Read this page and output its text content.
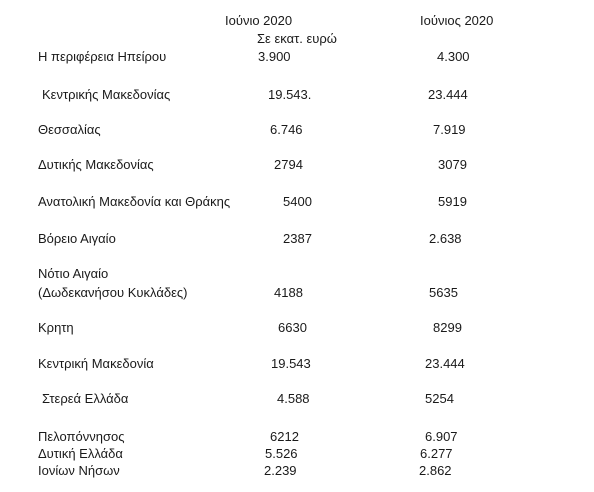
Ιούνιο 2020	Ιούνιος 2020
Σε εκατ. ευρώ
Η περιφέρεια Ηπείρου	3.900	4.300
Κεντρικής Μακεδονίας	19.543.	23.444
Θεσσαλίας	6.746	7.919
Δυτικής Μακεδονίας	2794	3079
Ανατολική Μακεδονία και Θράκης	5400	5919
Βόρειο Αιγαίο	2387	2.638
Νότιο Αιγαίο
(Δωδεκανήσου Κυκλάδες)	4188	5635
Κρητη	6630	8299
Κεντρική Μακεδονία	19.543	23.444
Στερεά Ελλάδα	4.588	5254
Πελοπόννησος	6212	6.907
Δυτική Ελλάδα	5.526	6.277
Ιονίων Νήσων	2.239	2.862
